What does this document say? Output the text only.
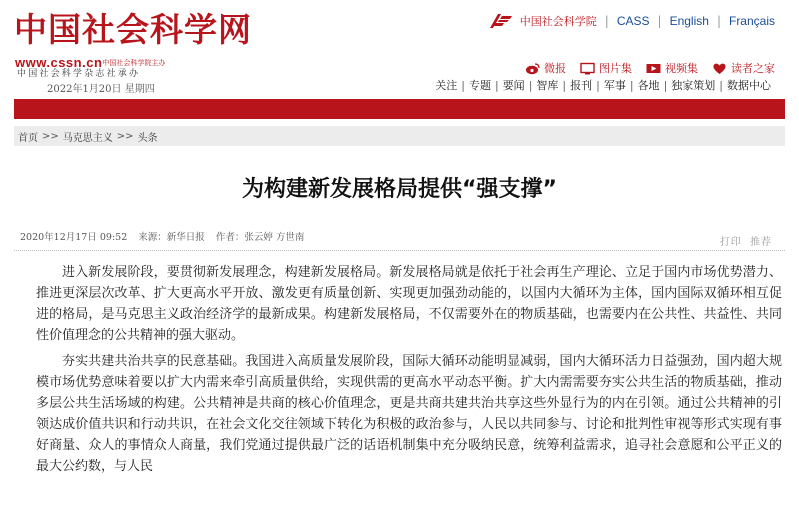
中国社会科学网
www.cssn.cn中国社会科学院主办
中国社会科学杂志社承办
2022年1月20日 星期四
中国社会科学院 | CASS | English | Français
微报	图片集	视频集	读者之家
关注 | 专题 | 要闻 | 智库 | 报刊 | 军事 | 各地 | 独家策划 | 数据中心
首页 >> 马克思主义 >> 头条
为构建新发展格局提供“强支撑”
2020年12月17日 09:52 来源：新华日报 作者：张云婷 方世南	打印 推荐

进入新发展阶段，要贯彻新发展理念，构建新发展格局。新发展格局就是依托于社会再生产理论、立足于国内市场优势潜力、推进更深层次改革、扩大更高水平开放、激发更有质量创新、实现更加强劲动能的，以国内大循环为主体，国内国际双循环相互促进的格局，是马克思主义政治经济学的最新成果。构建新发展格局，不仅需要外在的物质基础，也需要内在公共性、共益性、共同性价值理念的公共精神的强大驱动。

夯实共建共治共享的民意基础。我国进入高质量发展阶段，国际大循环动能明显减弱，国内大循环活力日益强劲，国内超大规模市场优势意味着要以扩大内需来牵引高质量供给，实现供需的更高水平动态平衡。扩大内需需要夯实公共生活的物质基础，推动多层公共生活场域的构建。公共精神是共商的核心价值理念，更是共商共建共治共享这些外显行为的内在引领。通过公共精神的引领达成价值共识和行动共识，在社会文化交往领域下转化为积极的政治参与，人民以共同参与、讨论和批判性审视等形式实现有事好商量、众人的事情众人商量，我们党通过提供最广泛的话语机制集中充分吸纳民意，统筹利益需求，追寻社会意愿和公平正义的最大公约数，与人民
